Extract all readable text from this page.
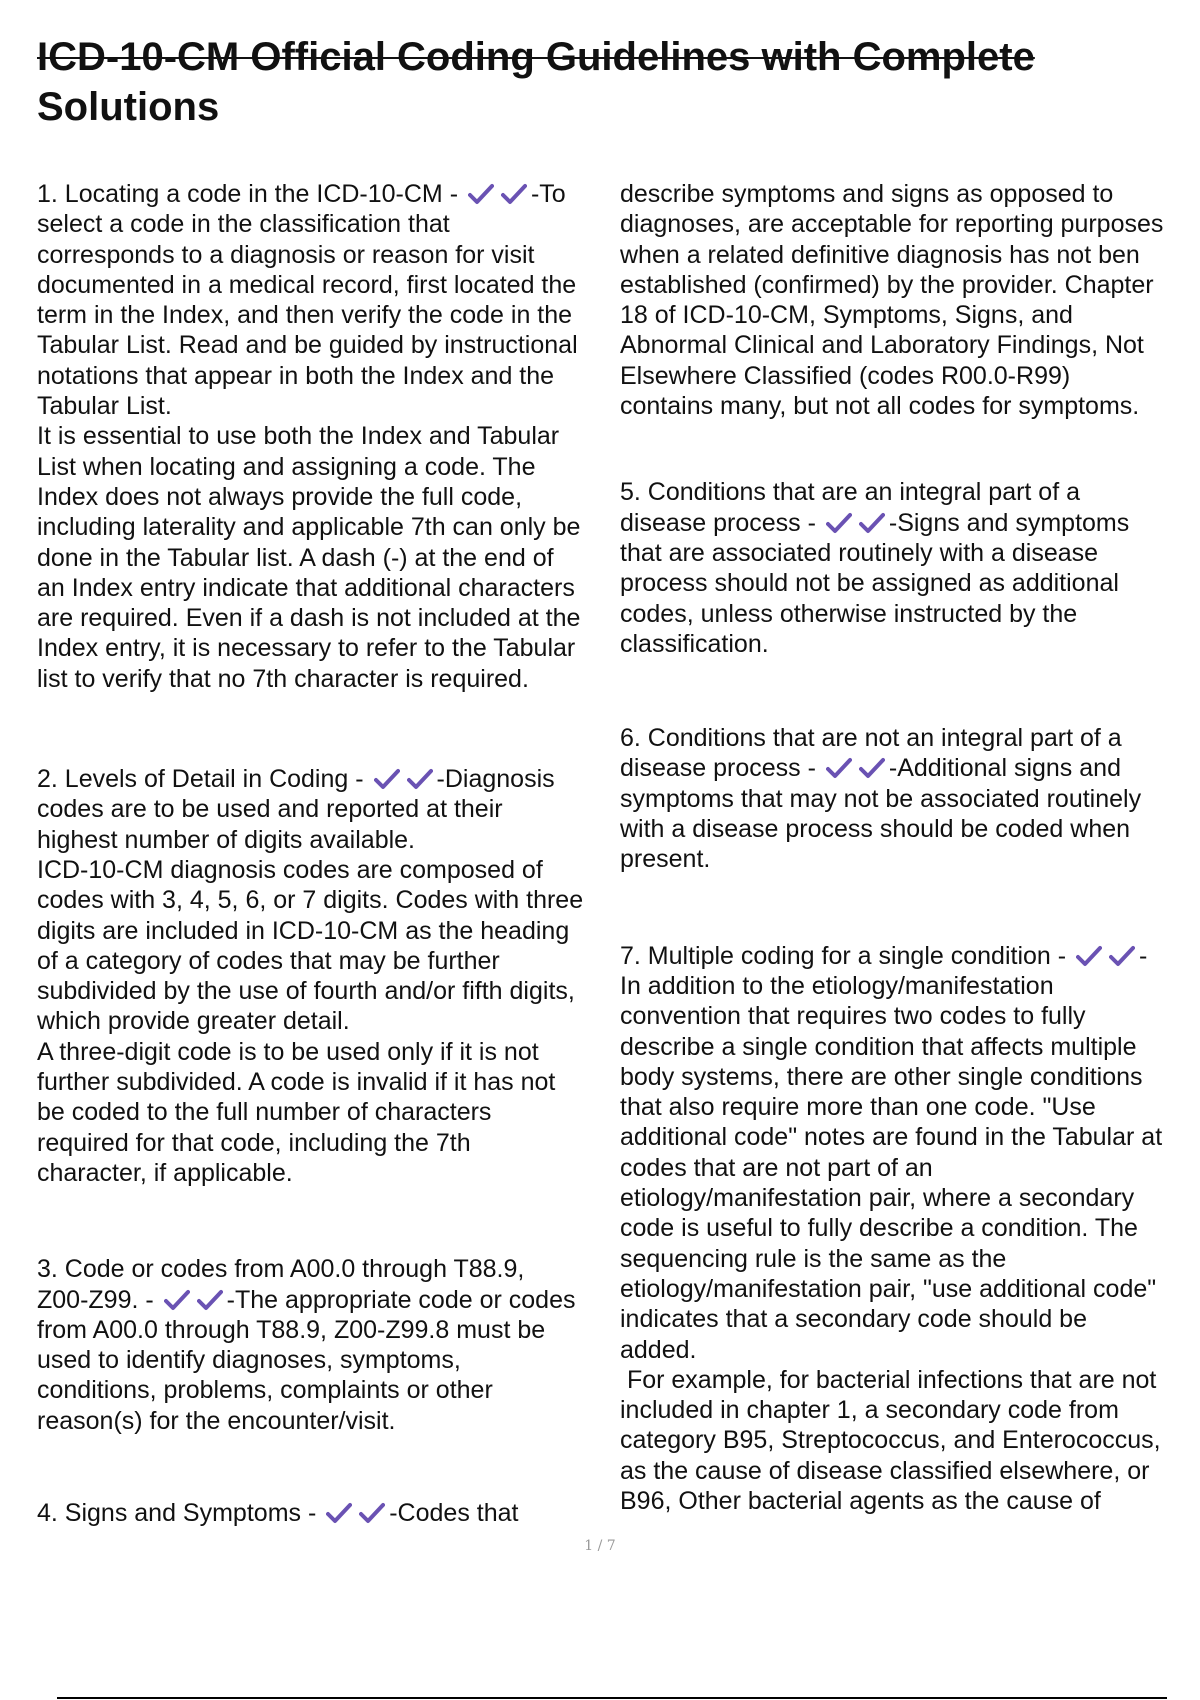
ICD-10-CM Official Coding Guidelines with Complete
Solutions
1. Locating a code in the ICD-10-CM -	-To
select a code in the classification that
corresponds to a diagnosis or reason for visit
documented in a medical record, first located the
term in the Index, and then verify the code in the
Tabular List. Read and be guided by instructional
notations that appear in both the Index and the
Tabular List.
It is essential to use both the Index and Tabular
List when locating and assigning a code. The
Index does not always provide the full code,
including laterality and applicable 7th can only be
done in the Tabular list. A dash (-) at the end of
an Index entry indicate that additional characters
are required. Even if a dash is not included at the
Index entry, it is necessary to refer to the Tabular
list to verify that no 7th character is required.
2. Levels of Detail in Coding -	-Diagnosis
codes are to be used and reported at their
highest number of digits available.
ICD-10-CM diagnosis codes are composed of
codes with 3, 4, 5, 6, or 7 digits. Codes with three
digits are included in ICD-10-CM as the heading
of a category of codes that may be further
subdivided by the use of fourth and/or fifth digits,
which provide greater detail.
A three-digit code is to be used only if it is not
further subdivided. A code is invalid if it has not
be coded to the full number of characters
required for that code, including the 7th
character, if applicable.
3. Code or codes from A00.0 through T88.9,
Z00-Z99. -	-The appropriate code or codes
from A00.0 through T88.9, Z00-Z99.8 must be
used to identify diagnoses, symptoms,
conditions, problems, complaints or other
reason(s) for the encounter/visit.
4. Signs and Symptoms -	-Codes that
describe symptoms and signs as opposed to
diagnoses, are acceptable for reporting purposes
when a related definitive diagnosis has not ben
established (confirmed) by the provider. Chapter
18 of ICD-10-CM, Symptoms, Signs, and
Abnormal Clinical and Laboratory Findings, Not
Elsewhere Classified (codes R00.0-R99)
contains many, but not all codes for symptoms.
5. Conditions that are an integral part of a
disease process -	-Signs and symptoms
that are associated routinely with a disease
process should not be assigned as additional
codes, unless otherwise instructed by the
classification.
6. Conditions that are not an integral part of a
disease process -	-Additional signs and
symptoms that may not be associated routinely
with a disease process should be coded when
present.
7. Multiple coding for a single condition -	-
In addition to the etiology/manifestation
convention that requires two codes to fully
describe a single condition that affects multiple
body systems, there are other single conditions
that also require more than one code. "Use
additional code" notes are found in the Tabular at
codes that are not part of an
etiology/manifestation pair, where a secondary
code is useful to fully describe a condition. The
sequencing rule is the same as the
etiology/manifestation pair, "use additional code"
indicates that a secondary code should be
added.
For example, for bacterial infections that are not
included in chapter 1, a secondary code from
category B95, Streptococcus, and Enterococcus,
as the cause of disease classified elsewhere, or
B96, Other bacterial agents as the cause of
1 / 7
